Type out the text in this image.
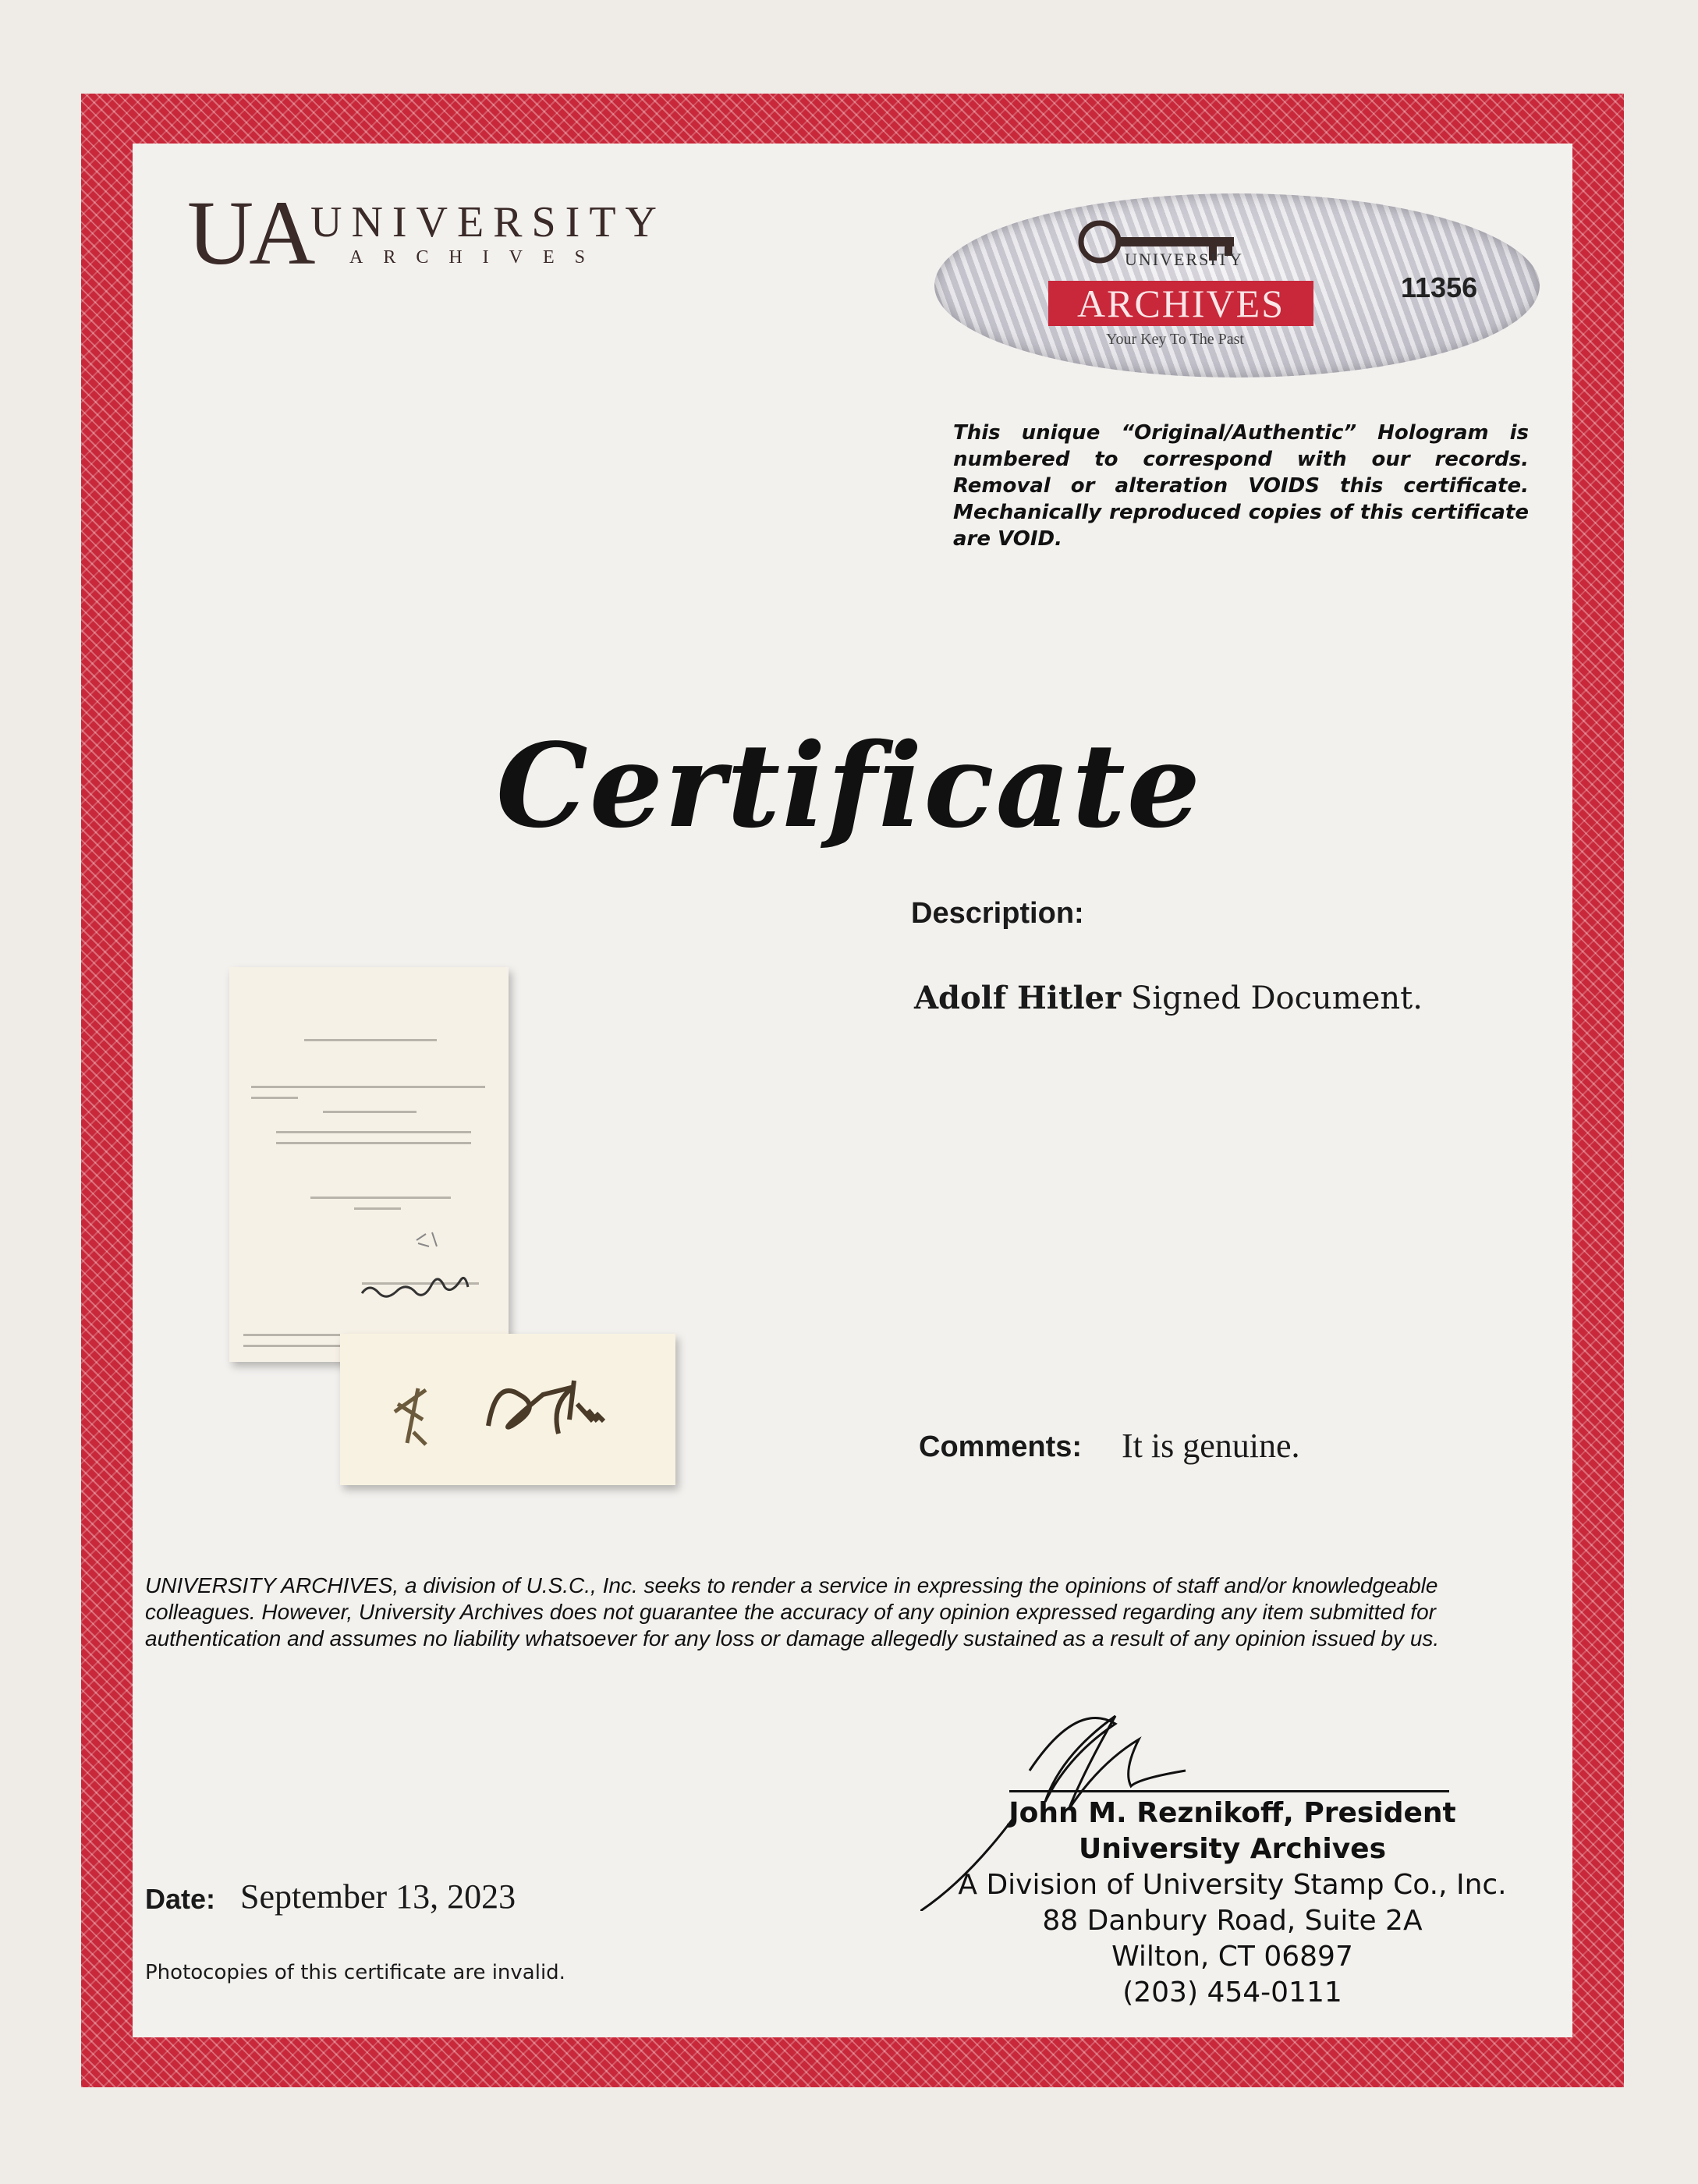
UA UNIVERSITY
ARCHIVES	UNIVERSITY
ARCHIVES
Your Key To The Past
11356
This unique “Original/Authentic” Hologram is numbered to correspond with our records. Removal or alteration VOIDS this certificate. Mechanically reproduced copies of this certificate are VOID.
Certificate
Description:
Adolf Hitler Signed Document.
Comments: It is genuine.
UNIVERSITY ARCHIVES, a division of U.S.C., Inc. seeks to render a service in expressing the opinions of staff and/or knowledgeable colleagues. However, University Archives does not guarantee the accuracy of any opinion expressed regarding any item submitted for authentication and assumes no liability whatsoever for any loss or damage allegedly sustained as a result of any opinion issued by us.
Date: September 13, 2023
Photocopies of this certificate are invalid.
John M. Reznikoff, President
University Archives
A Division of University Stamp Co., Inc.
88 Danbury Road, Suite 2A
Wilton, CT 06897
(203) 454-0111
